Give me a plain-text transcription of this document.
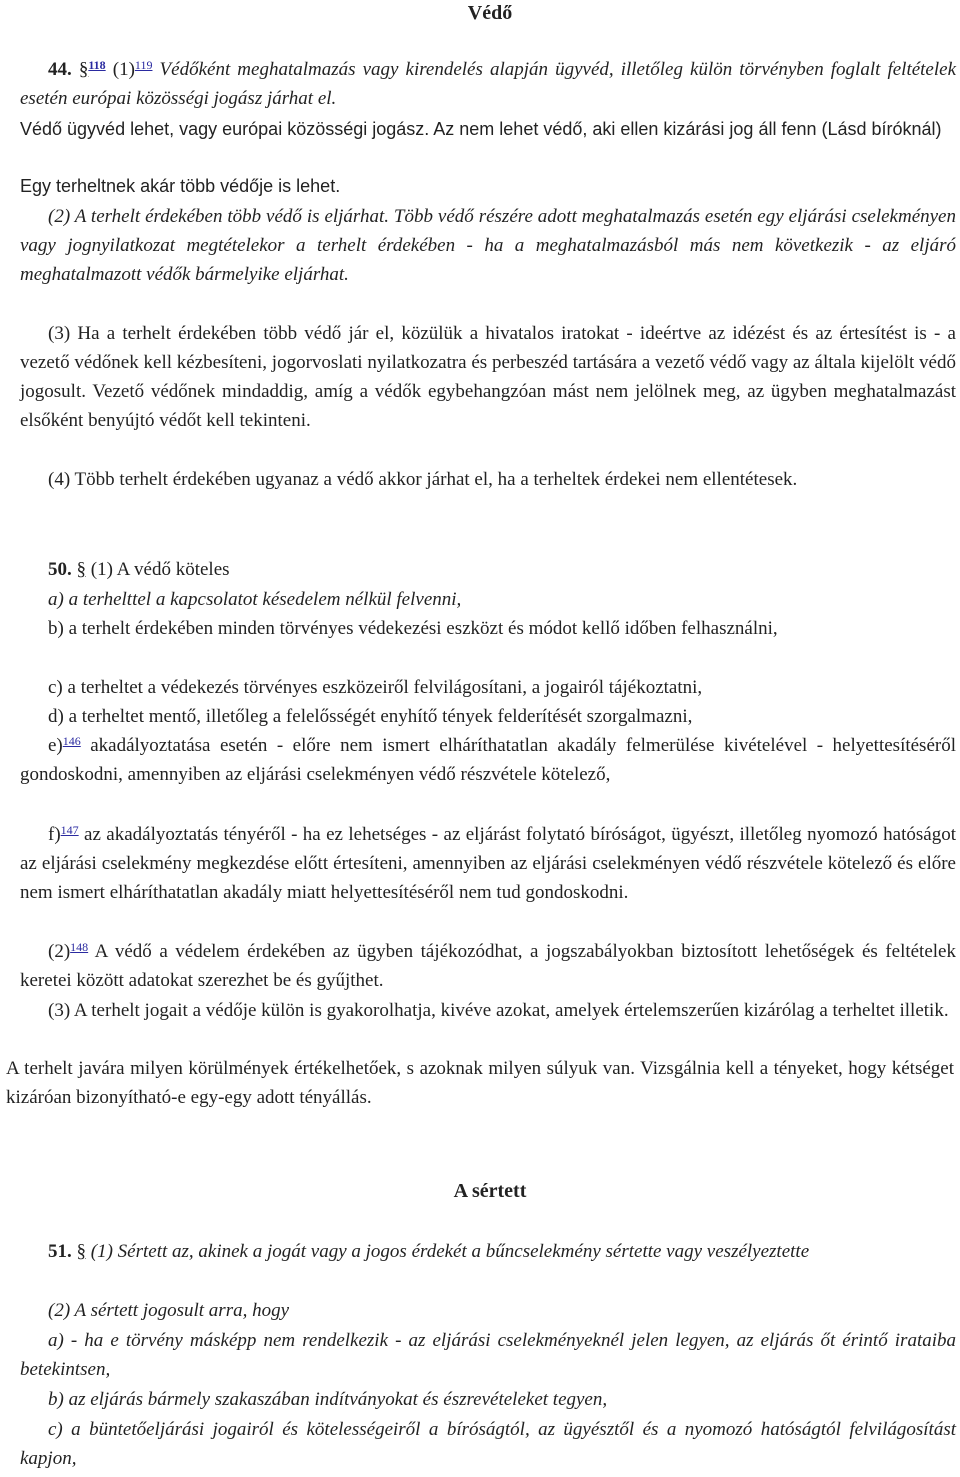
Védő
44. §$^{118}$ $(1)^{119}$ Védőként meghatalmazás vagy kirendelés alapján ügyvéd, illetőleg külön törvényben foglalt feltételek esetén európai közösségi jogász járhat el.
Védő ügyvéd lehet, vagy európai közösségi jogász. Az nem lehet védő, aki ellen kizárási jog áll fenn (Lásd bíróknál)
Egy terheltnek akár több védője is lehet.
(2) A terhelt érdekében több védő is eljárhat. Több védő részére adott meghatalmazás esetén egy eljárási cselekményen vagy jognyilatkozat megtételekor a terhelt érdekében - ha a meghatalmazásból más nem következik - az eljáró meghatalmazott védők bármelyike eljárhat.
(3) Ha a terhelt érdekében több védő jár el, közülük a hivatalos iratokat - ideértve az idézést és az értesítést is - a vezető védőnek kell kézbesíteni, jogorvoslati nyilatkozatra és perbeszéd tartására a vezető védő vagy az általa kijelölt védő jogosult. Vezető védőnek mindaddig, amíg a védők egybehangzóan mást nem jelölnek meg, az ügyben meghatalmazást elsőként benyújtó védőt kell tekinteni.
(4) Több terhelt érdekében ugyanaz a védő akkor járhat el, ha a terheltek érdekei nem ellentétesek.
50. § (1) A védő köteles
a) a terhelttel a kapcsolatot késedelem nélkül felvenni,
b) a terhelt érdekében minden törvényes védekezési eszközt és módot kellő időben felhasználni,
c) a terheltet a védekezés törvényes eszközeiről felvilágosítani, a jogairól tájékoztatni,
d) a terheltet mentő, illetőleg a felelősségét enyhítő tények felderítését szorgalmazni,
e)$^{146}$ akadályoztatása esetén - előre nem ismert elháríthatatlan akadály felmerülése kivételével - helyettesítéséről gondoskodni, amennyiben az eljárási cselekményen védő részvétele kötelező,
f)$^{147}$ az akadályoztatás tényéről - ha ez lehetséges - az eljárást folytató bíróságot, ügyészt, illetőleg nyomozó hatóságot az eljárási cselekmény megkezdése előtt értesíteni, amennyiben az eljárási cselekményen védő részvétele kötelező és előre nem ismert elháríthatatlan akadály miatt helyettesítéséről nem tud gondoskodni.
$(2)^{148}$ A védő a védelem érdekében az ügyben tájékozódhat, a jogszabályokban biztosított lehetőségek és feltételek keretei között adatokat szerezhet be és gyűjthet.
(3) A terhelt jogait a védője külön is gyakorolhatja, kivéve azokat, amelyek értelemszerűen kizárólag a terheltet illetik.
A terhelt javára milyen körülmények értékelhetőek, s azoknak milyen súlyuk van. Vizsgálnia kell a tényeket, hogy kétséget kizáróan bizonyítható-e egy-egy adott tényállás.
A sértett
51. § (1) Sértett az, akinek a jogát vagy a jogos érdekét a bűncselekmény sértette vagy veszélyeztette
(2) A sértett jogosult arra, hogy
a) - ha e törvény másképp nem rendelkezik - az eljárási cselekményeknél jelen legyen, az eljárás őt érintő irataiba betekintsen,
b) az eljárás bármely szakaszában indítványokat és észrevételeket tegyen,
c) a büntetőeljárási jogairól és kötelességeiről a bíróságtól, az ügyésztől és a nyomozó hatóságtól felvilágosítást kapjon,
